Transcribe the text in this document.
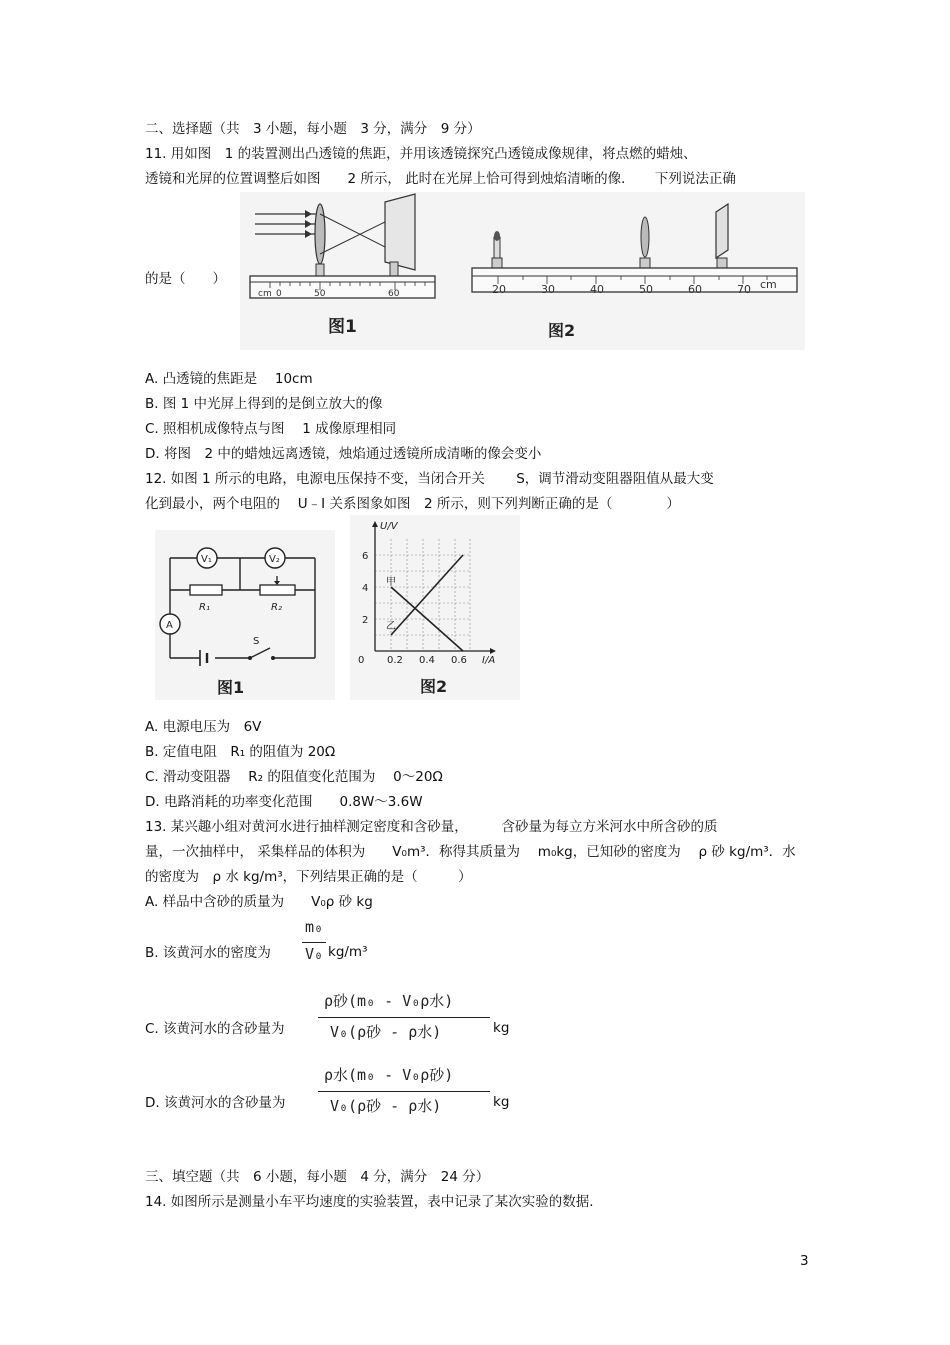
二、选择题（共　3 小题，每小题　3 分，满分　9 分）
11. 用如图　1 的装置测出凸透镜的焦距，并用该透镜探究凸透镜成像规律，将点燃的蜡烛、
透镜和光屏的位置调整后如图　　2 所示， 此时在光屏上恰可得到烛焰清晰的像．　　下列说法正确
的是（　　）
cm 0	50	60
图1
20	30	40	50	60	70 cm
图2
A. 凸透镜的焦距是　 10cm
B. 图 1 中光屏上得到的是倒立放大的像
C. 照相机成像特点与图　 1 成像原理相同
D. 将图　2 中的蜡烛远离透镜，烛焰通过透镜所成清晰的像会变小
12. 如图 1 所示的电路，电源电压保持不变，当闭合开关　　 S，调节滑动变阻器阻值从最大变
化到最小，两个电阻的　 U﹣I 关系图象如图　2 所示，则下列判断正确的是（　　　　）
V₁	V₂
R₁	R₂
A
S
图1
U/V
I/A
6
4
2
0 0.2 0.4 0.6
甲
乙
图2
A. 电源电压为　6V
B. 定值电阻　R₁ 的阻值为 20Ω
C. 滑动变阻器　 R₂ 的阻值变化范围为　 0～20Ω
D. 电路消耗的功率变化范围　　0.8W～3.6W
13. 某兴趣小组对黄河水进行抽样测定密度和含砂量，　　　含砂量为每立方米河水中所含砂的质
量，一次抽样中， 采集样品的体积为　　V₀m³．称得其质量为　 m₀kg，已知砂的密度为　 ρ 砂 kg/m³．水
的密度为　ρ 水 kg/m³，下列结果正确的是（　　　）
A. 样品中含砂的质量为　　V₀ρ 砂 kg
B. 该黄河水的密度为
m₀
V₀ kg/m³
C. 该黄河水的含砂量为
ρ砂(m₀ - V₀ρ水)
V₀(ρ砂 - ρ水)	kg
D. 该黄河水的含砂量为
ρ水(m₀ - V₀ρ砂)
V₀(ρ砂 - ρ水)	kg
三、填空题（共　6 小题，每小题　4 分，满分　24 分）
14. 如图所示是测量小车平均速度的实验装置，表中记录了某次实验的数据.
3
